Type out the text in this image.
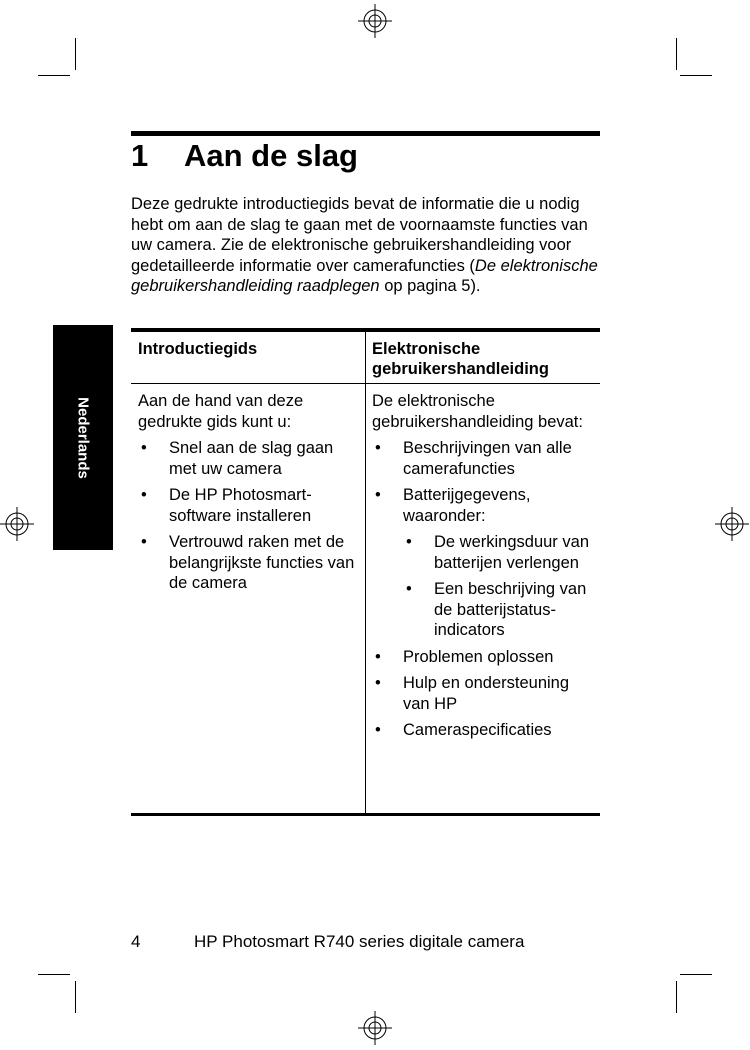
Nederlands
1 Aan de slag

Deze gedrukte introductiegids bevat de informatie die u nodig hebt om aan de slag te gaan met de voornaamste functies van uw camera. Zie de elektronische gebruikershandleiding voor gedetailleerde informatie over camerafuncties (De elektronische gebruikershandleiding raadplegen op pagina 5).

Introductiegids	Elektronische gebruikershandleiding
Aan de hand van deze gedrukte gids kunt u:
• Snel aan de slag gaan met uw camera
• De HP Photosmart-software installeren
• Vertrouwd raken met de belangrijkste functies van de camera
De elektronische gebruikershandleiding bevat:
• Beschrijvingen van alle camerafuncties
• Batterijgegevens, waaronder:
• De werkingsduur van batterijen verlengen
• Een beschrijving van de batterijstatus-indicators
• Problemen oplossen
• Hulp en ondersteuning van HP
• Cameraspecificaties
4	HP Photosmart R740 series digitale camera
